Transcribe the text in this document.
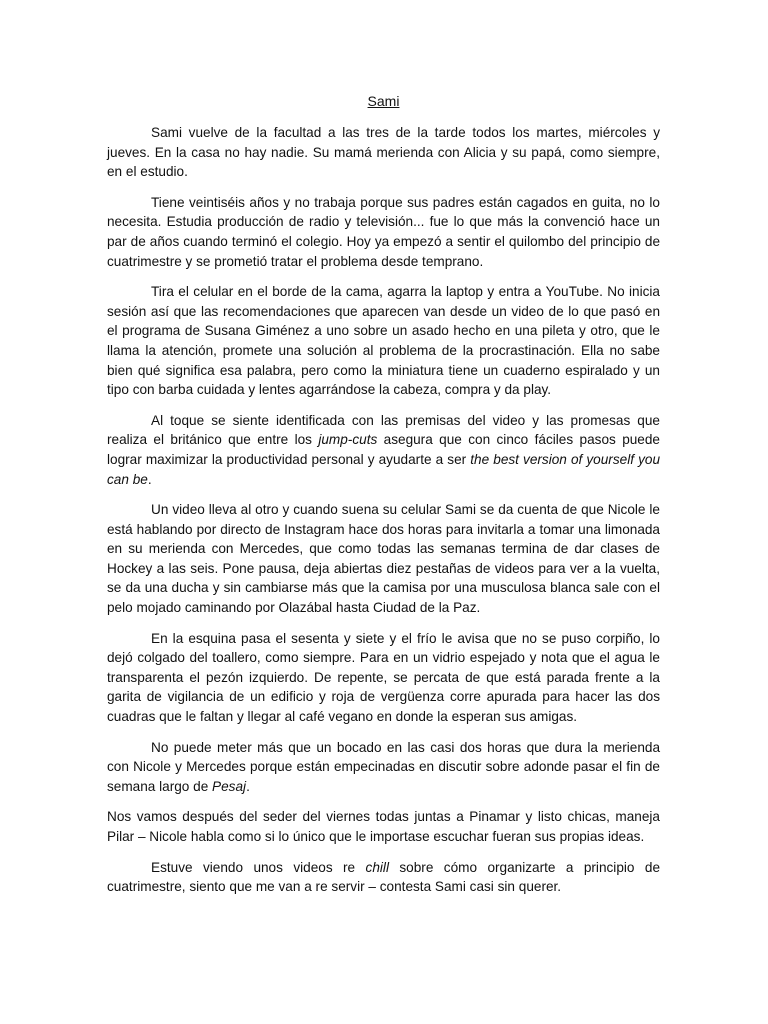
Sami

Sami vuelve de la facultad a las tres de la tarde todos los martes, miércoles y jueves. En la casa no hay nadie. Su mamá merienda con Alicia y su papá, como siempre, en el estudio.

Tiene veintiséis años y no trabaja porque sus padres están cagados en guita, no lo necesita. Estudia producción de radio y televisión... fue lo que más la convenció hace un par de años cuando terminó el colegio. Hoy ya empezó a sentir el quilombo del principio de cuatrimestre y se prometió tratar el problema desde temprano.

Tira el celular en el borde de la cama, agarra la laptop y entra a YouTube. No inicia sesión así que las recomendaciones que aparecen van desde un video de lo que pasó en el programa de Susana Giménez a uno sobre un asado hecho en una pileta y otro, que le llama la atención, promete una solución al problema de la procrastinación. Ella no sabe bien qué significa esa palabra, pero como la miniatura tiene un cuaderno espiralado y un tipo con barba cuidada y lentes agarrándose la cabeza, compra y da play.

Al toque se siente identificada con las premisas del video y las promesas que realiza el británico que entre los jump-cuts asegura que con cinco fáciles pasos puede lograr maximizar la productividad personal y ayudarte a ser the best version of yourself you can be.

Un video lleva al otro y cuando suena su celular Sami se da cuenta de que Nicole le está hablando por directo de Instagram hace dos horas para invitarla a tomar una limonada en su merienda con Mercedes, que como todas las semanas termina de dar clases de Hockey a las seis. Pone pausa, deja abiertas diez pestañas de videos para ver a la vuelta, se da una ducha y sin cambiarse más que la camisa por una musculosa blanca sale con el pelo mojado caminando por Olazábal hasta Ciudad de la Paz.

En la esquina pasa el sesenta y siete y el frío le avisa que no se puso corpiño, lo dejó colgado del toallero, como siempre. Para en un vidrio espejado y nota que el agua le transparenta el pezón izquierdo. De repente, se percata de que está parada frente a la garita de vigilancia de un edificio y roja de vergüenza corre apurada para hacer las dos cuadras que le faltan y llegar al café vegano en donde la esperan sus amigas.

No puede meter más que un bocado en las casi dos horas que dura la merienda con Nicole y Mercedes porque están empecinadas en discutir sobre adonde pasar el fin de semana largo de Pesaj.

Nos vamos después del seder del viernes todas juntas a Pinamar y listo chicas, maneja Pilar – Nicole habla como si lo único que le importase escuchar fueran sus propias ideas.

Estuve viendo unos videos re chill sobre cómo organizarte a principio de cuatrimestre, siento que me van a re servir – contesta Sami casi sin querer.
